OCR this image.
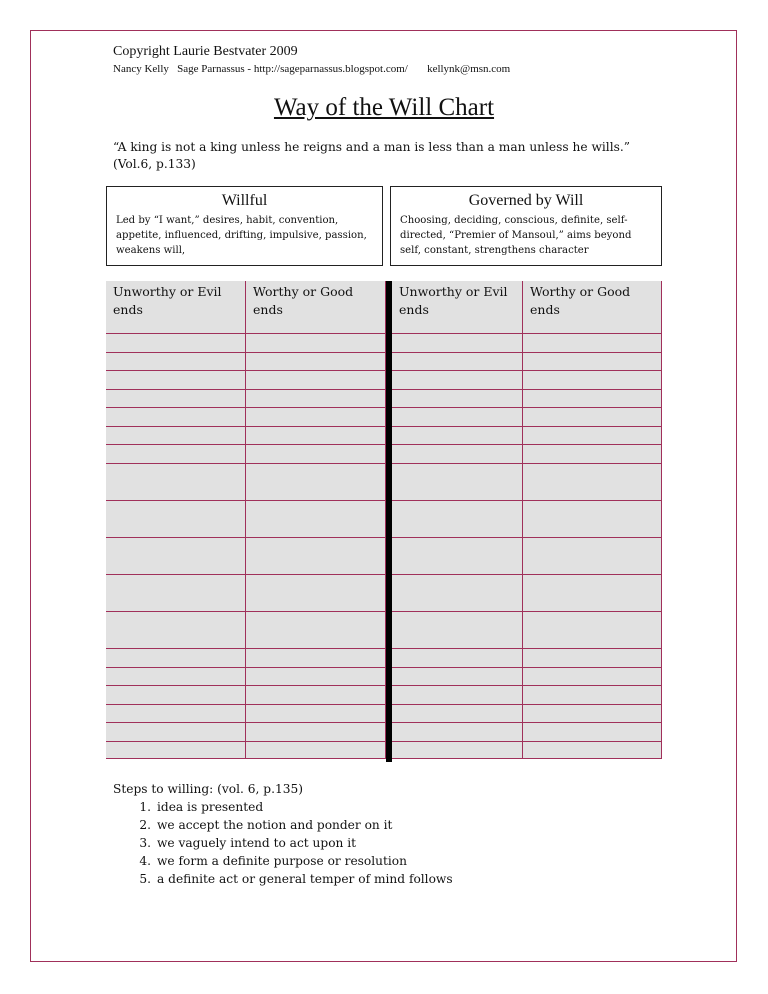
Copyright Laurie Bestvater 2009
Nancy Kelly   Sage Parnassus - http://sageparnassus.blogspot.com/       kellynk@msn.com
Way of the Will Chart
“A king is not a king unless he reigns and a man is less than a man unless he wills.” (Vol.6, p.133)
Willful
Led by “I want,” desires, habit, convention, appetite, influenced, drifting, impulsive, passion, weakens will,
Governed by Will
Choosing, deciding, conscious, definite, self-directed, “Premier of Mansoul,” aims beyond self, constant, strengthens character
Unworthy or Evil ends
Worthy or Good ends
Unworthy or Evil ends
Worthy or Good ends
Steps to willing: (vol. 6, p.135)
1. idea is presented
2. we accept the notion and ponder on it
3. we vaguely intend to act upon it
4. we form a definite purpose or resolution
5. a definite act or general temper of mind follows
